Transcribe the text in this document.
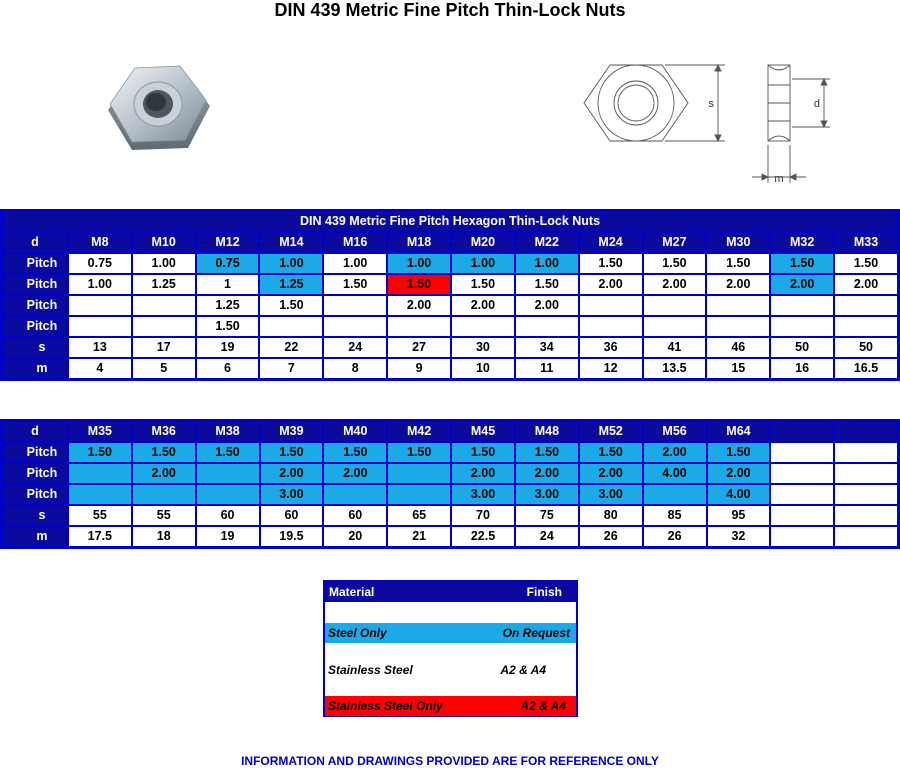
DIN 439 Metric Fine Pitch Thin-Lock Nuts
s	d
m
DIN 439 Metric Fine Pitch Hexagon Thin-Lock Nuts													
d	M8	M10	M12	M14	M16	M18	M20	M22	M24	M27	M30	M32	M33
Pitch	0.75	1.00	0.75	1.00	1.00	1.00	1.00	1.00	1.50	1.50	1.50	1.50	1.50
Pitch	1.00	1.25	1	1.25	1.50	1.50	1.50	1.50	2.00	2.00	2.00	2.00	2.00
Pitch			1.25	1.50		2.00	2.00	2.00					
Pitch			1.50										
s	13	17	19	22	24	27	30	34	36	41	46	50	50
m	4	5	6	7	8	9	10	11	12	13.5	15	16	16.5
d	M35	M36	M38	M39	M40	M42	M45	M48	M52	M56	M64		
Pitch	1.50	1.50	1.50	1.50	1.50	1.50	1.50	1.50	1.50	2.00	1.50		
Pitch		2.00		2.00	2.00		2.00	2.00	2.00	4.00	2.00		
Pitch				3.00			3.00	3.00	3.00		4.00		
s	55	55	60	60	60	65	70	75	80	85	95		
m	17.5	18	19	19.5	20	21	22.5	24	26	26	32		
Material	Finish
Steel Only	On Request
Stainless Steel	A2 & A4
Stainless Steel Only	A2 & A4
INFORMATION AND DRAWINGS PROVIDED ARE FOR REFERENCE ONLY
